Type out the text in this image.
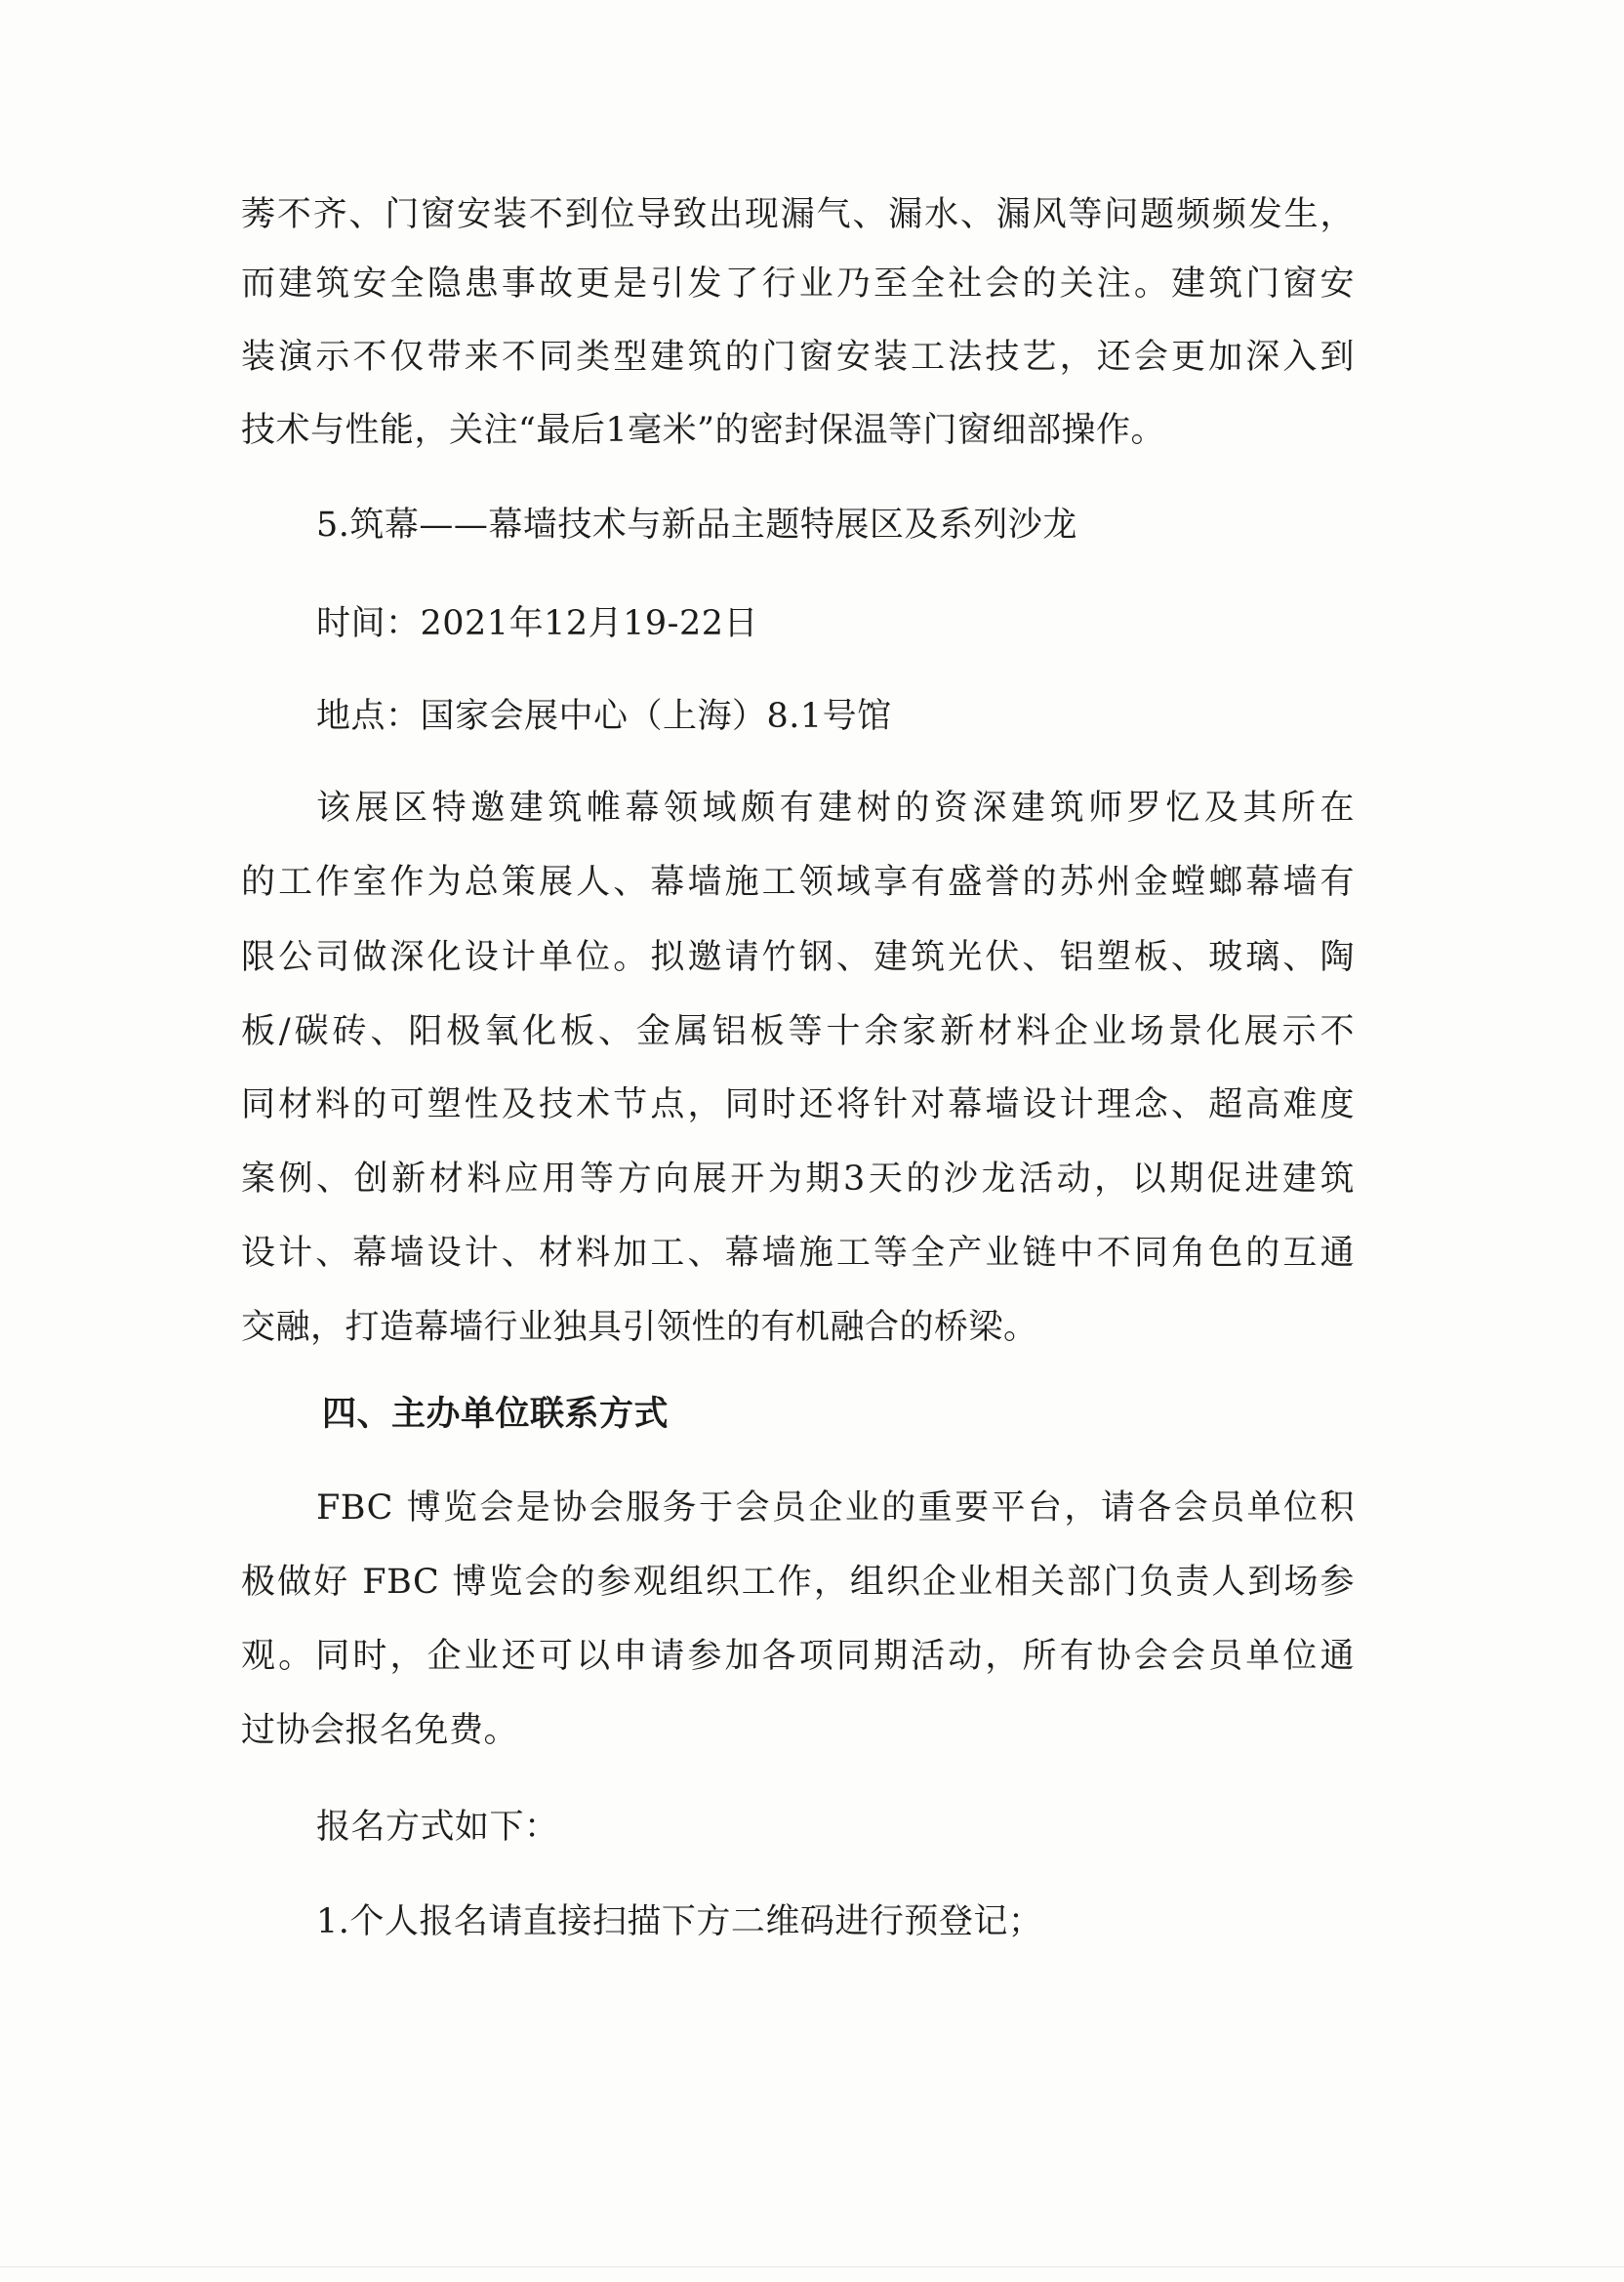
莠不齐、门窗安装不到位导致出现漏气、漏水、漏风等问题频频发生，
而建筑安全隐患事故更是引发了行业乃至全社会的关注。建筑门窗安
装演示不仅带来不同类型建筑的门窗安装工法技艺，还会更加深入到
技术与性能，关注“最后1毫米”的密封保温等门窗细部操作。
5.筑幕——幕墙技术与新品主题特展区及系列沙龙
时间：2021年12月19-22日
地点：国家会展中心（上海）8.1号馆
该展区特邀建筑帷幕领域颇有建树的资深建筑师罗忆及其所在
的工作室作为总策展人、幕墙施工领域享有盛誉的苏州金螳螂幕墙有
限公司做深化设计单位。拟邀请竹钢、建筑光伏、铝塑板、玻璃、陶
板/碳砖、阳极氧化板、金属铝板等十余家新材料企业场景化展示不
同材料的可塑性及技术节点，同时还将针对幕墙设计理念、超高难度
案例、创新材料应用等方向展开为期3天的沙龙活动，以期促进建筑
设计、幕墙设计、材料加工、幕墙施工等全产业链中不同角色的互通
交融，打造幕墙行业独具引领性的有机融合的桥梁。
四、主办单位联系方式
FBC 博览会是协会服务于会员企业的重要平台，请各会员单位积
极做好 FBC 博览会的参观组织工作，组织企业相关部门负责人到场参
观。同时，企业还可以申请参加各项同期活动，所有协会会员单位通
过协会报名免费。
报名方式如下：
1.个人报名请直接扫描下方二维码进行预登记；
